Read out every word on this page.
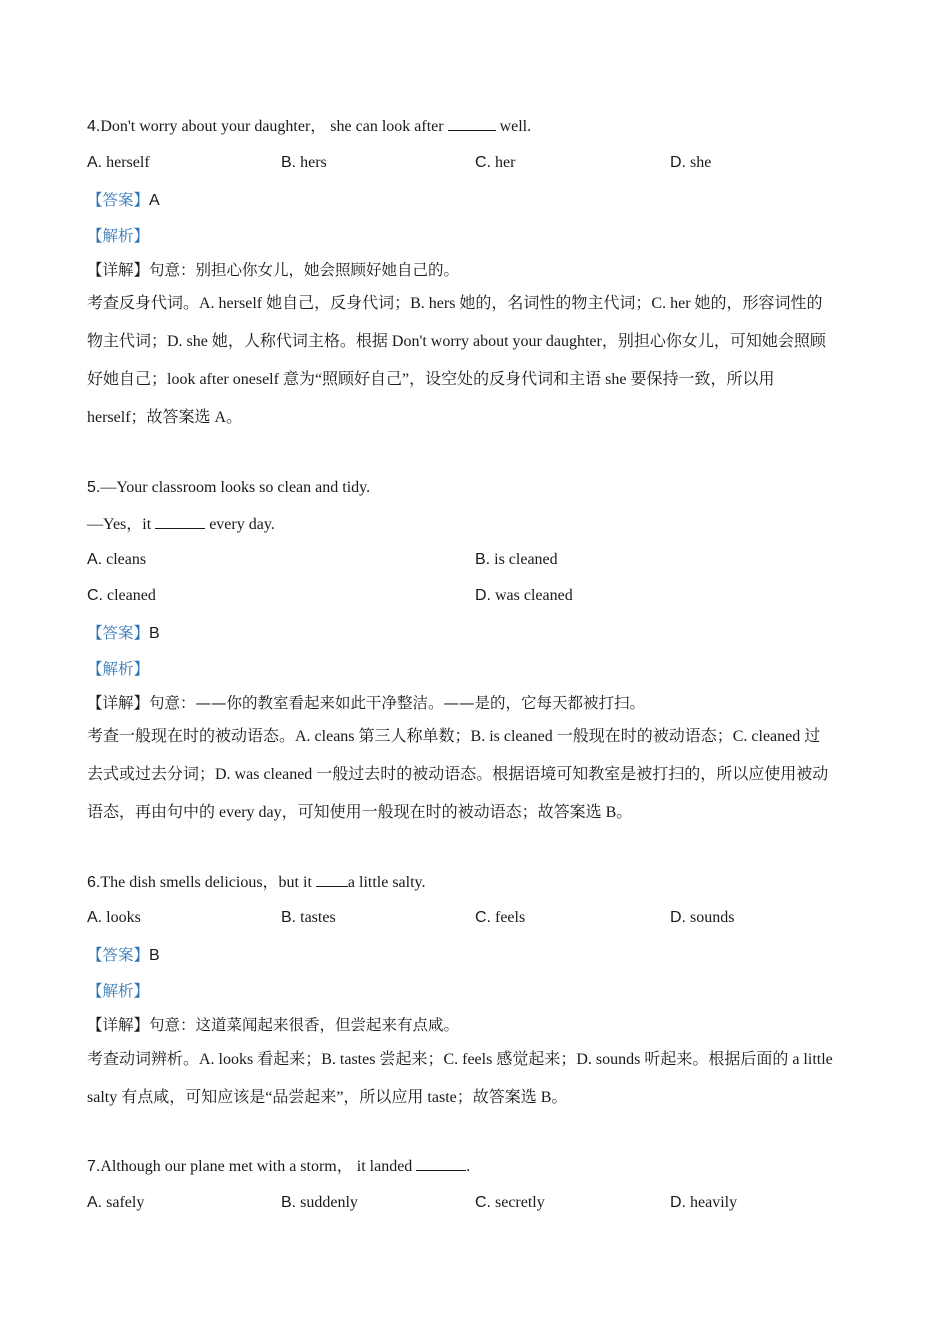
4.Don't worry about your daughter， she can look after	well.
A. herself	B. hers	C. her	D. she
【答案】A
【解析】
【详解】句意：别担心你女儿，她会照顾好她自己的。
考查反身代词。A. herself 她自己，反身代词；B. hers 她的，名词性的物主代词；C. her 她的，形容词性的
物主代词；D. she 她，人称代词主格。根据 Don't worry about your daughter，别担心你女儿，可知她会照顾
好她自己；look after oneself 意为“照顾好自己”，设空处的反身代词和主语 she 要保持一致，所以用
herself；故答案选 A。
5.—Your classroom looks so clean and tidy.
—Yes，it	every day.
A. cleans	B. is cleaned
C. cleaned	D. was cleaned
【答案】B
【解析】
【详解】句意：——你的教室看起来如此干净整洁。——是的，它每天都被打扫。
考查一般现在时的被动语态。A. cleans 第三人称单数；B. is cleaned 一般现在时的被动语态；C. cleaned 过
去式或过去分词；D. was cleaned 一般过去时的被动语态。根据语境可知教室是被打扫的，所以应使用被动
语态，再由句中的 every day，可知使用一般现在时的被动语态；故答案选 B。
6.The dish smells delicious，but it a little salty.
A. looks	B. tastes	C. feels	D. sounds
【答案】B
【解析】
【详解】句意：这道菜闻起来很香，但尝起来有点咸。
考查动词辨析。A. looks 看起来；B. tastes 尝起来；C. feels 感觉起来；D. sounds 听起来。根据后面的 a little
salty 有点咸，可知应该是“品尝起来”，所以应用 taste；故答案选 B。
7.Although our plane met with a storm， it landed	.
A. safely	B. suddenly	C. secretly	D. heavily
